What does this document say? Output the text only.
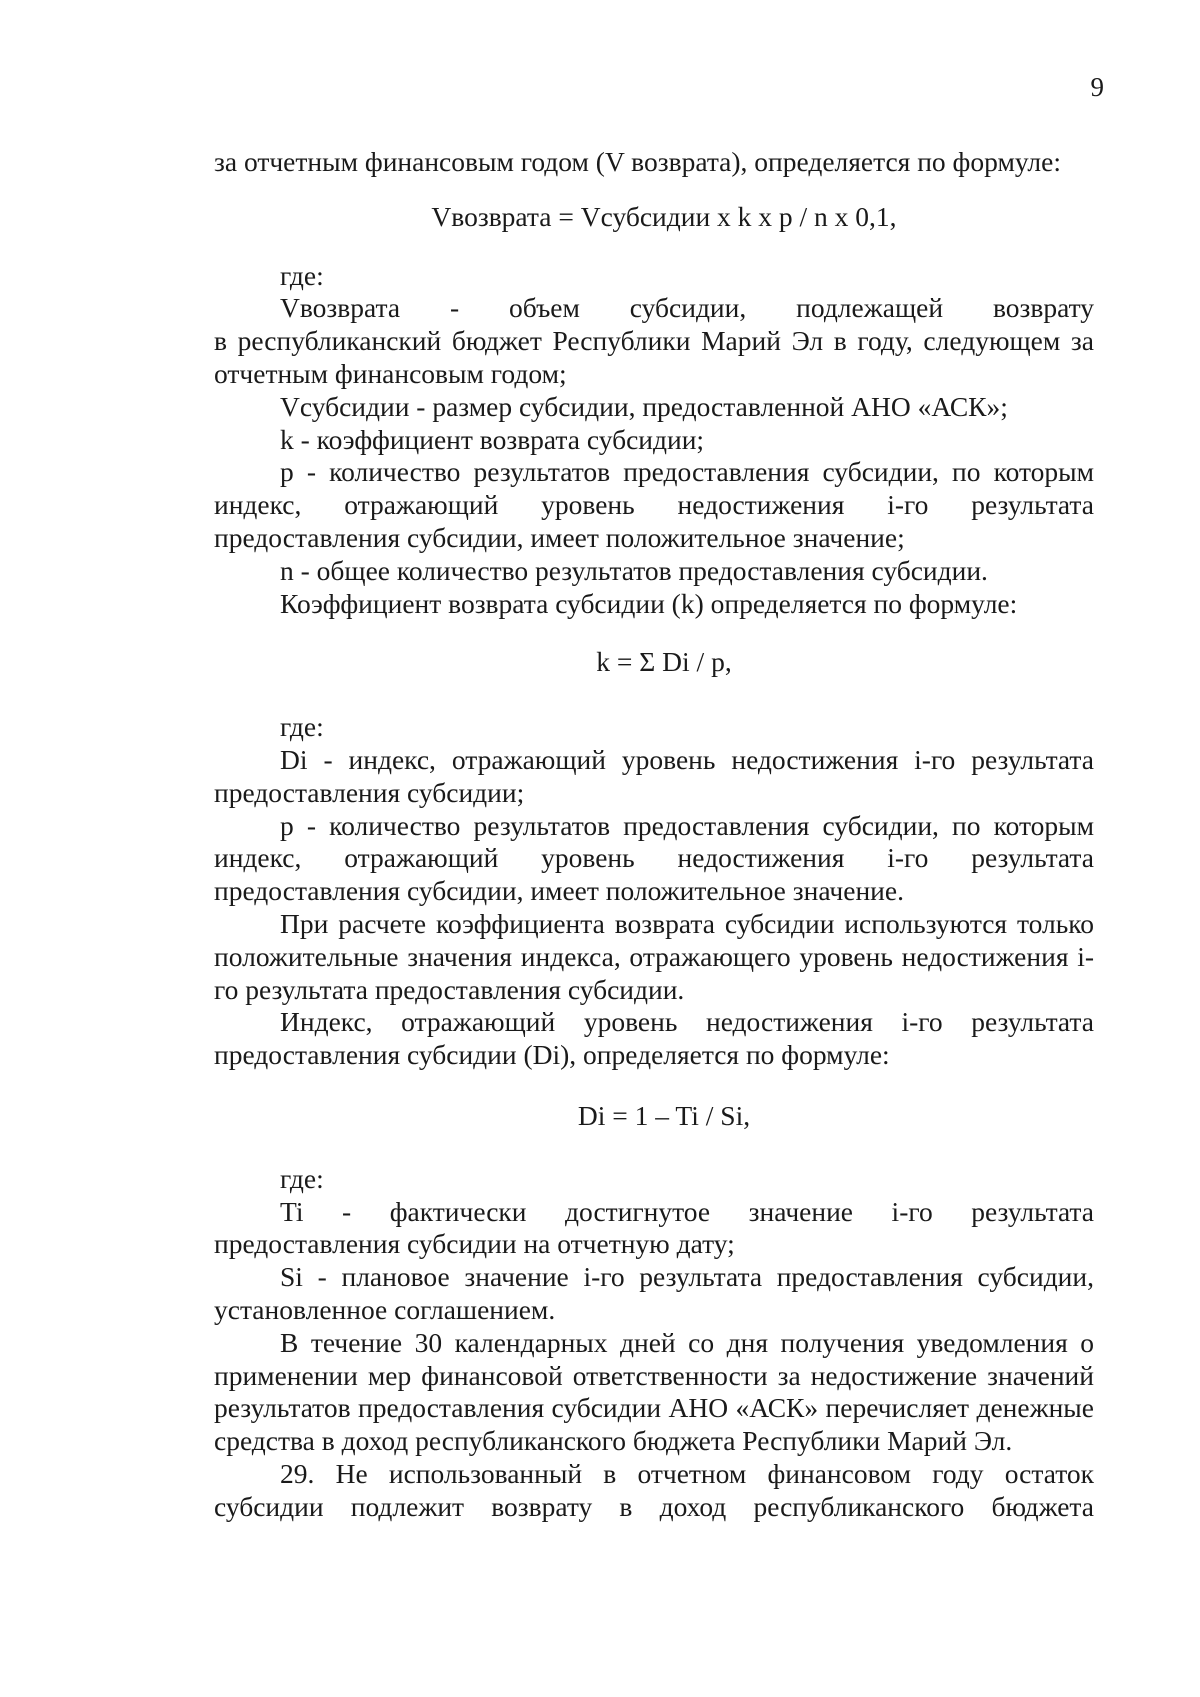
9

за отчетным финансовым годом (V возврата), определяется по формуле:

Vвозврата = Vсубсидии x k x p / n x 0,1,

где:

Vвозврата - объем субсидии, подлежащей возврату

в республиканский бюджет Республики Марий Эл в году, следующем за отчетным финансовым годом;

Vсубсидии - размер субсидии, предоставленной АНО «АСК»;

k - коэффициент возврата субсидии;

p - количество результатов предоставления субсидии, по которым

индекс, отражающий уровень недостижения i-го результата

предоставления субсидии, имеет положительное значение;

n - общее количество результатов предоставления субсидии.

Коэффициент возврата субсидии (k) определяется по формуле:

k = Σ Di / p,

где:

Di - индекс, отражающий уровень недостижения i-го результата предоставления субсидии;

p - количество результатов предоставления субсидии, по которым

индекс, отражающий уровень недостижения i-го результата

предоставления субсидии, имеет положительное значение.

При расчете коэффициента возврата субсидии используются только положительные значения индекса, отражающего уровень недостижения i-го результата предоставления субсидии.

Индекс, отражающий уровень недостижения i-го результата предоставления субсидии (Di), определяется по формуле:

Di = 1 – Ti / Si,

где:

Ti - фактически достигнутое значение i-го результата

предоставления субсидии на отчетную дату;

Si - плановое значение i-го результата предоставления субсидии, установленное соглашением.

В течение 30 календарных дней со дня получения уведомления о применении мер финансовой ответственности за недостижение значений результатов предоставления субсидии АНО «АСК» перечисляет денежные средства в доход республиканского бюджета Республики Марий Эл.

29. Не использованный в отчетном финансовом году остаток субсидии подлежит возврату в доход республиканского бюджета
